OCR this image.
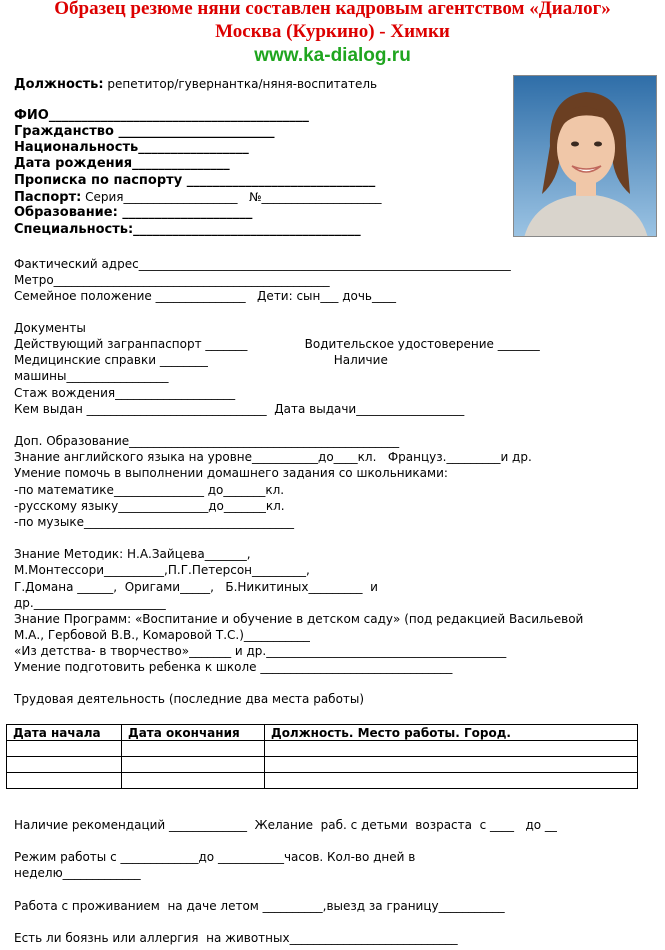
Образец резюме няни составлен кадровым агентством «Диалог»
Москва (Куркино) - Химки
www.ka-dialog.ru
Должность: репетитор/гувернантка/няня-воспитатель
ФИО________________________________________
Гражданство ________________________
Национальность_________________
Дата рождения_______________
Прописка по паспорту _____________________________
Паспорт: Серия___________________   №____________________
Образование: ____________________
Специальность:___________________________________
Фактический адрес______________________________________________________________
Метро______________________________________________
Семейное положение _______________   Дети: сын___ дочь____
Документы
Действующий загранпаспорт _______               Водительское удостоверение _______
Медицинские справки ________                                 Наличие
машины_________________
Стаж вождения____________________
Кем выдан ______________________________  Дата выдачи__________________
Доп. Образование_____________________________________________
Знание английского языка на уровне___________до____кл.   Француз._________и др.
Умение помочь в выполнении домашнего задания со школьниками:
-по математике_______________ до_______кл.
-русскому языку_______________до_______кл.
-по музыке___________________________________
Знание Методик: Н.А.Зайцева_______,
М.Монтессори__________,П.Г.Петерсон_________,
Г.Домана ______,  Оригами_____,   Б.Никитиных_________  и
др.______________________
Знание Программ: «Воспитание и обучение в детском саду» (под редакцией Васильевой
М.А., Гербовой В.В., Комаровой Т.С.)___________
«Из детства- в творчество»_______ и др.________________________________________
Умение подготовить ребенка к школе ________________________________
Трудовая деятельность (последние два места работы)
Дата начала	Дата окончания	Должность. Место работы. Город.

Наличие рекомендаций _____________  Желание  раб. с детьми  возраста  с ____   до __
Режим работы с _____________до ___________часов. Кол-во дней в
неделю_____________
Работа с проживанием  на даче летом __________,выезд за границу___________
Есть ли боязнь или аллергия  на животных____________________________
